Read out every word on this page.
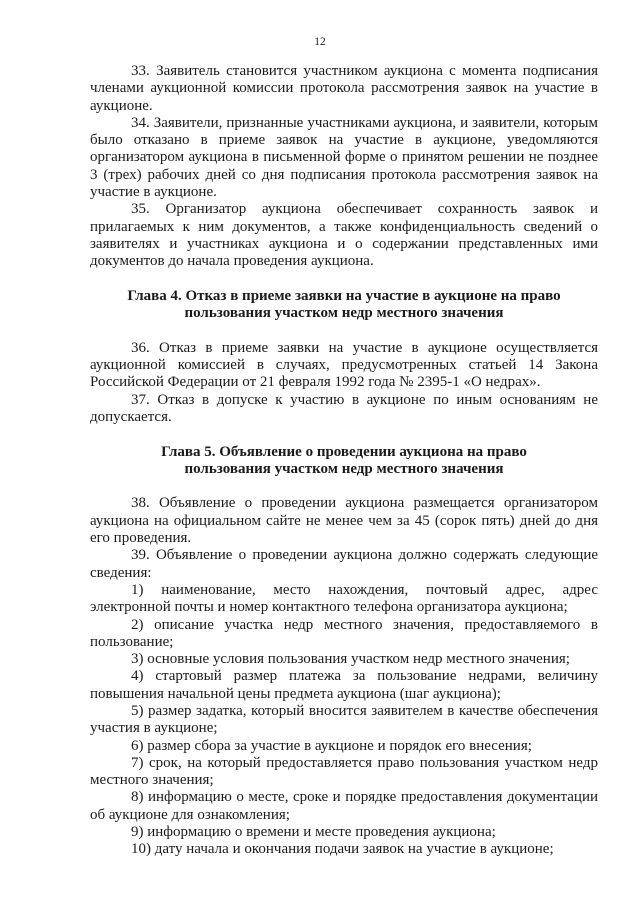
12

33. Заявитель становится участником аукциона с момента подписания членами аукционной комиссии протокола рассмотрения заявок на участие в аукционе.

34. Заявители, признанные участниками аукциона, и заявители, которым было отказано в приеме заявок на участие в аукционе, уведомляются организатором аукциона в письменной форме о принятом решении не позднее 3 (трех) рабочих дней со дня подписания протокола рассмотрения заявок на участие в аукционе.

35. Организатор аукциона обеспечивает сохранность заявок и прилагаемых к ним документов, а также конфиденциальность сведений о заявителях и участниках аукциона и о содержании представленных ими документов до начала проведения аукциона.

Глава 4. Отказ в приеме заявки на участие в аукционе на право
пользования участком недр местного значения

36. Отказ в приеме заявки на участие в аукционе осуществляется аукционной комиссией в случаях, предусмотренных статьей 14 Закона Российской Федерации от 21 февраля 1992 года № 2395-1 «О недрах».

37. Отказ в допуске к участию в аукционе по иным основаниям не допускается.

Глава 5. Объявление о проведении аукциона на право
пользования участком недр местного значения

38. Объявление о проведении аукциона размещается организатором аукциона на официальном сайте не менее чем за 45 (сорок пять) дней до дня его проведения.

39. Объявление о проведении аукциона должно содержать следующие сведения:

1) наименование, место нахождения, почтовый адрес, адрес электронной почты и номер контактного телефона организатора аукциона;

2) описание участка недр местного значения, предоставляемого в пользование;

3) основные условия пользования участком недр местного значения;

4) стартовый размер платежа за пользование недрами, величину повышения начальной цены предмета аукциона (шаг аукциона);

5) размер задатка, который вносится заявителем в качестве обеспечения участия в аукционе;

6) размер сбора за участие в аукционе и порядок его внесения;

7) срок, на который предоставляется право пользования участком недр местного значения;

8) информацию о месте, сроке и порядке предоставления документации об аукционе для ознакомления;

9) информацию о времени и месте проведения аукциона;

10) дату начала и окончания подачи заявок на участие в аукционе;
